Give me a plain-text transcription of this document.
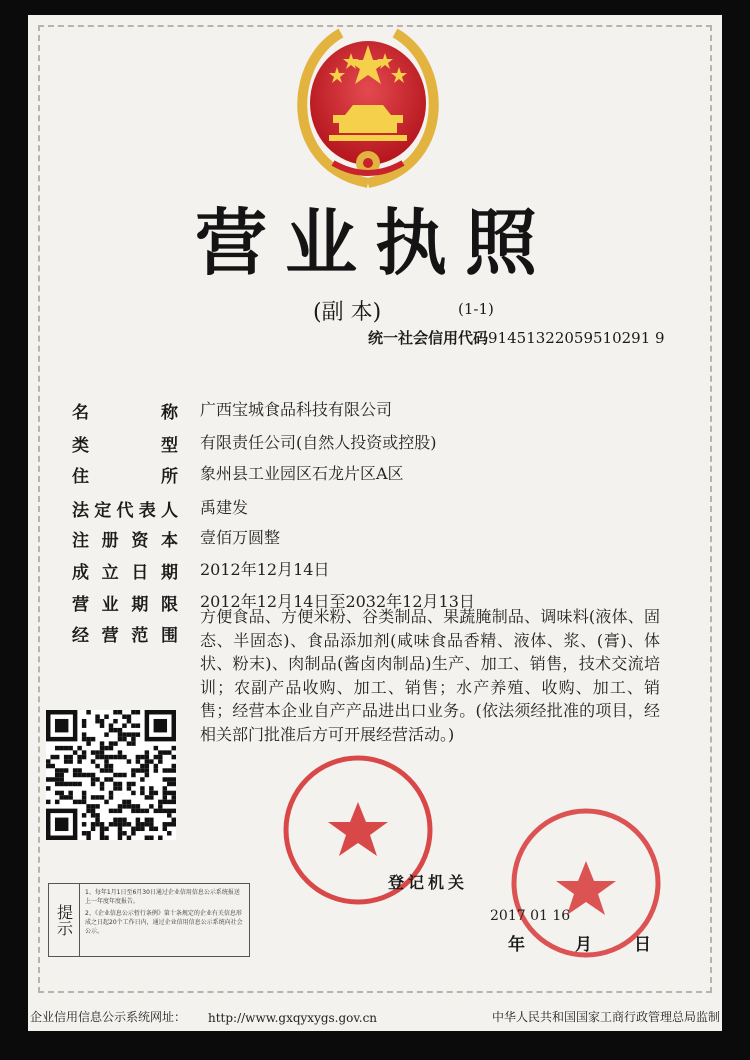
营业执照
(副 本)	(1-1)
统一社会信用代码91451322059510291 9
名	称 广西宝城食品科技有限公司
类	型 有限责任公司(自然人投资或控股)
住	所 象州县工业园区石龙片区A区
法 定 代 表 人 禹建发
注 册 资 本 壹佰万圆整
成 立 日 期 2012年12月14日
营 业 期 限 2012年12月14日至2032年12月13日
经 营 范 围
方便食品、方便米粉、谷类制品、果蔬腌制品、调味料(液体、固态、半固态)、食品添加剂(咸味食品香精、液体、浆、(膏)、体状、粉末)、肉制品(酱卤肉制品)生产、加工、销售，技术交流培训；农副产品收购、加工、销售；水产养殖、收购、加工、销售；经营本企业自产产品进出口业务。(依法须经批准的项目，经相关部门批准后方可开展经营活动。)
提示

1、每年1月1日至6月30日通过企业信用信息公示系统报送上一年度年度报告。

2、《企业信息公示暂行条例》第十条规定的企业有关信息形成之日起20个工作日内，通过企业信用信息公示系统向社会公示。

登记机关
2017 01 16
年	月 日
企业信用信息公示系统网址： http://www.gxqyxygs.gov.cn	中华人民共和国国家工商行政管理总局监制
